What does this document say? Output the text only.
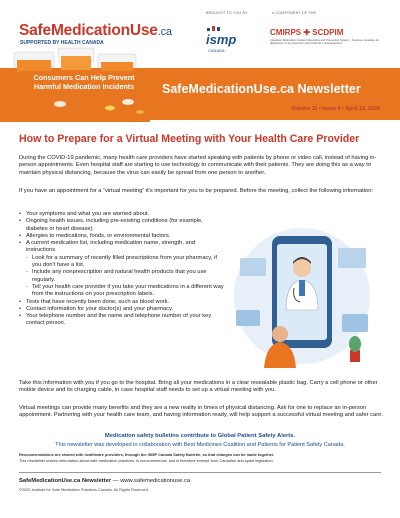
SafeMedicationUse.ca
SUPPORTED BY HEALTH CANADA
BROUGHT TO YOU BY
ismp
CANADA
A COMPONENT OF THE
CMIRPS ✚ SCDPIM
Canadian Medication Incident Reporting and Prevention System · Système canadien de déclaration et de prévention des incidents médicamenteux
Consumers Can Help Prevent Harmful Medication Incidents	SafeMedicationUse.ca Newsletter
Volume 11 • Issue 4 • April 15, 2020
How to Prepare for a Virtual Meeting with Your Health Care Provider
During the COVID-19 pandemic, many health care providers have started speaking with patients by phone or video call, instead of having in-person appointments. Even hospital staff are starting to use technology to communicate with their patients. They are doing this as a way to maintain physical distancing, because the virus can easily be spread from one person to another.
If you have an appointment for a “virtual meeting” it’s important for you to be prepared. Before the meeting, collect the following information:
• Your symptoms and what you are worried about.
• Ongoing health issues, including pre-existing conditions (for example, diabetes or heart disease).
• Allergies to medications, foods, or environmental factors.
• A current medication list, including medication name, strength, and instructions.
- Look for a summary of recently filled prescriptions from your pharmacy, if you don’t have a list.
- Include any nonprescription and natural health products that you use regularly.
- Tell your health care provider if you take your medications in a different way from the instructions on your prescription labels.
• Tests that have recently been done, such as blood work.
• Contact information for your doctor(s) and your pharmacy.
• Your telephone number and the name and telephone number of your key contact person.
Take this information with you if you go to the hospital. Bring all your medications in a clear resealable plastic bag. Carry a cell phone or other mobile device and its charging cable, in case hospital staff needs to set up a virtual meeting with you.
Virtual meetings can provide many benefits and they are a new reality in times of physical distancing. Ask for one to replace an in-person appointment. Partnering with your health care team, and having information ready, will help support a successful virtual meeting and safer care.
Medication safety bulletins contribute to Global Patient Safety Alerts.
This newsletter was developed in collaboration with Best Medicines Coalition and Patients for Patient Safety Canada.
Recommendations are shared with healthcare providers, through the ISMP Canada Safety Bulletin, so that changes can be made together.
This newsletter shares information about safe medication practices, is noncommercial, and is therefore exempt from Canadian anti-spam legislation.
SafeMedicationUse.ca Newsletter — www.safemedicationuse.ca
©2020 Institute for Safe Medication Practices Canada. All Rights Reserved.
